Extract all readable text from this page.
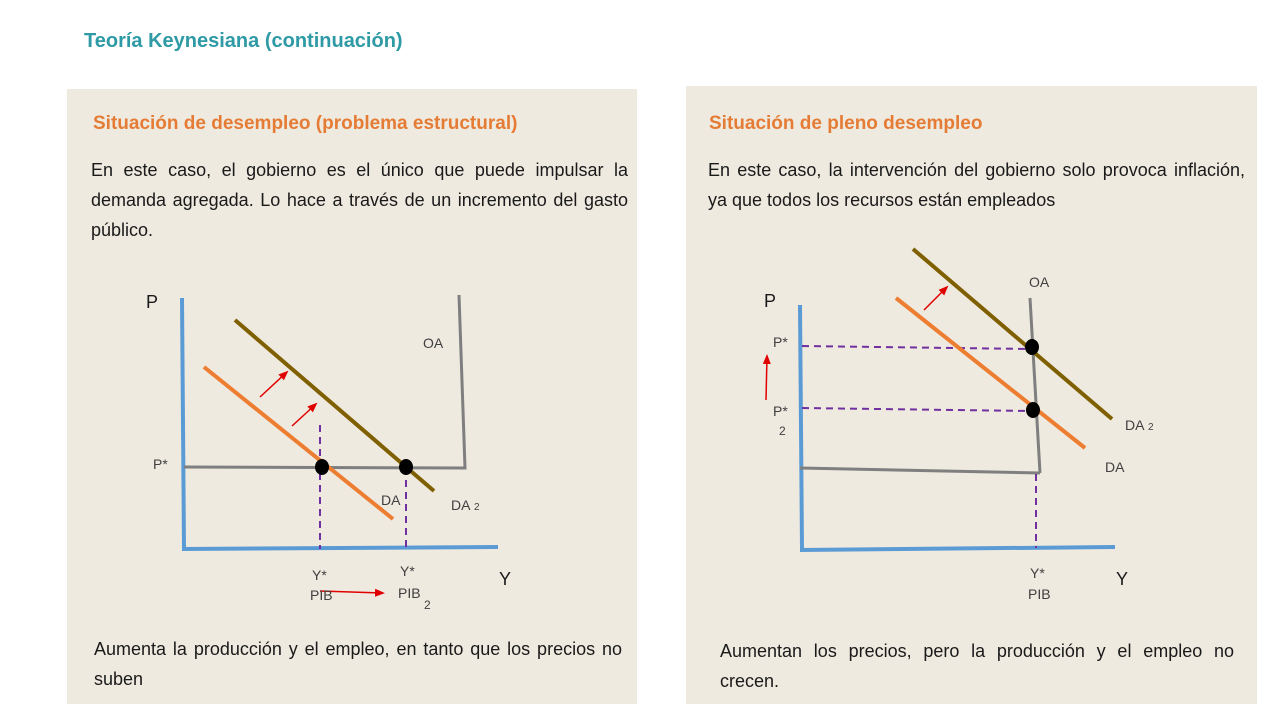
Teoría Keynesiana (continuación)
Situación de desempleo (problema estructural)
En este caso, el gobierno es el único que puede impulsar la demanda agregada. Lo hace a través de un incremento del gasto público.
Aumenta la producción y el empleo, en tanto que los precios no suben
Situación de pleno desempleo
En este caso, la intervención del gobierno solo provoca inflación, ya que todos los recursos están empleados
Aumentan los precios, pero la producción y el empleo no crecen.
P
Y
OA
P*
DA	DA 2
Y*
PIB
Y*
PIB
2
P
Y
OA
P*
P*
2	DA 2
DA
Y*
PIB
